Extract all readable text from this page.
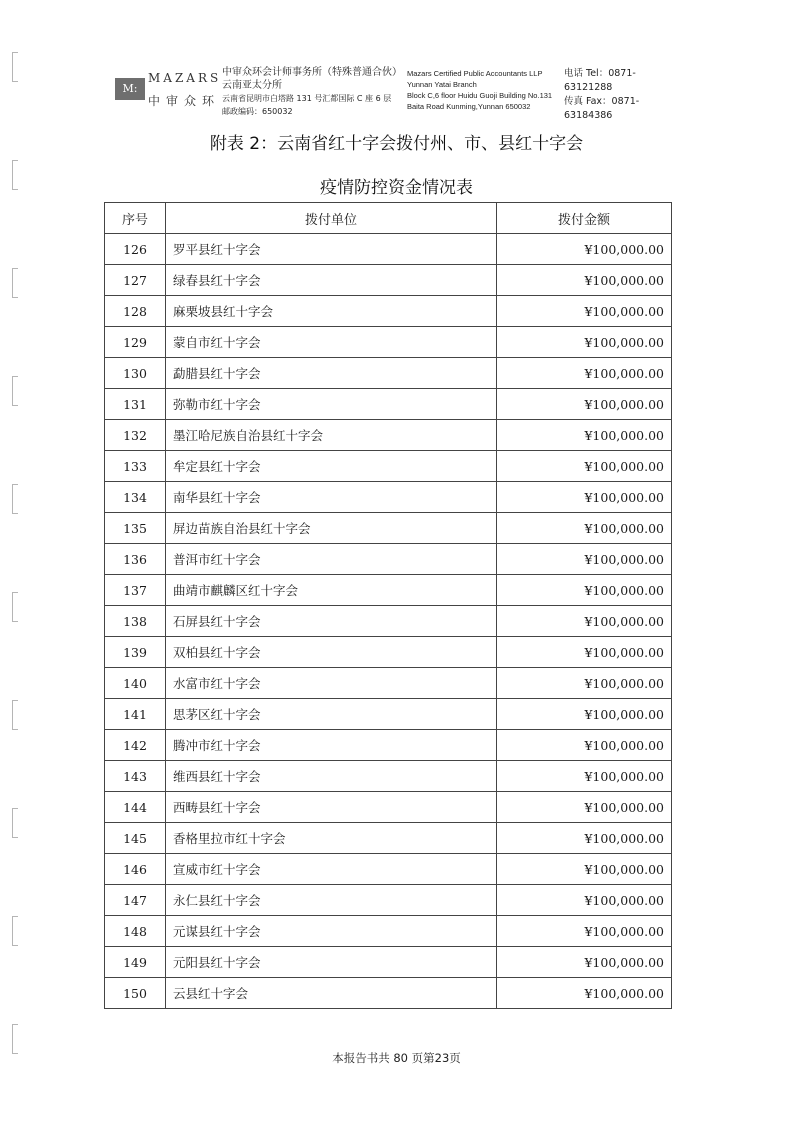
M:
MAZARS
中审众环
中审众环会计师事务所（特殊普通合伙）
云南亚太分所
云南省昆明市白塔路 131 号汇都国际 C 座 6 层
邮政编码：650032
Mazars Certified Public Accountants LLP
Yunnan Yatai Branch
Block C,6 floor Huidu Guoji Building No.131
Baita Road Kunming,Yunnan 650032
电话 Tel：0871-63121288
传真 Fax：0871-63184386
附表 2：云南省红十字会拨付州、市、县红十字会
疫情防控资金情况表
序号	拨付单位	拨付金额
126	罗平县红十字会	¥100,000.00
127	绿春县红十字会	¥100,000.00
128	麻栗坡县红十字会	¥100,000.00
129	蒙自市红十字会	¥100,000.00
130	勐腊县红十字会	¥100,000.00
131	弥勒市红十字会	¥100,000.00
132	墨江哈尼族自治县红十字会	¥100,000.00
133	牟定县红十字会	¥100,000.00
134	南华县红十字会	¥100,000.00
135	屏边苗族自治县红十字会	¥100,000.00
136	普洱市红十字会	¥100,000.00
137	曲靖市麒麟区红十字会	¥100,000.00
138	石屏县红十字会	¥100,000.00
139	双柏县红十字会	¥100,000.00
140	水富市红十字会	¥100,000.00
141	思茅区红十字会	¥100,000.00
142	腾冲市红十字会	¥100,000.00
143	维西县红十字会	¥100,000.00
144	西畴县红十字会	¥100,000.00
145	香格里拉市红十字会	¥100,000.00
146	宣威市红十字会	¥100,000.00
147	永仁县红十字会	¥100,000.00
148	元谋县红十字会	¥100,000.00
149	元阳县红十字会	¥100,000.00
150	云县红十字会	¥100,000.00
本报告书共 80 页第23页
